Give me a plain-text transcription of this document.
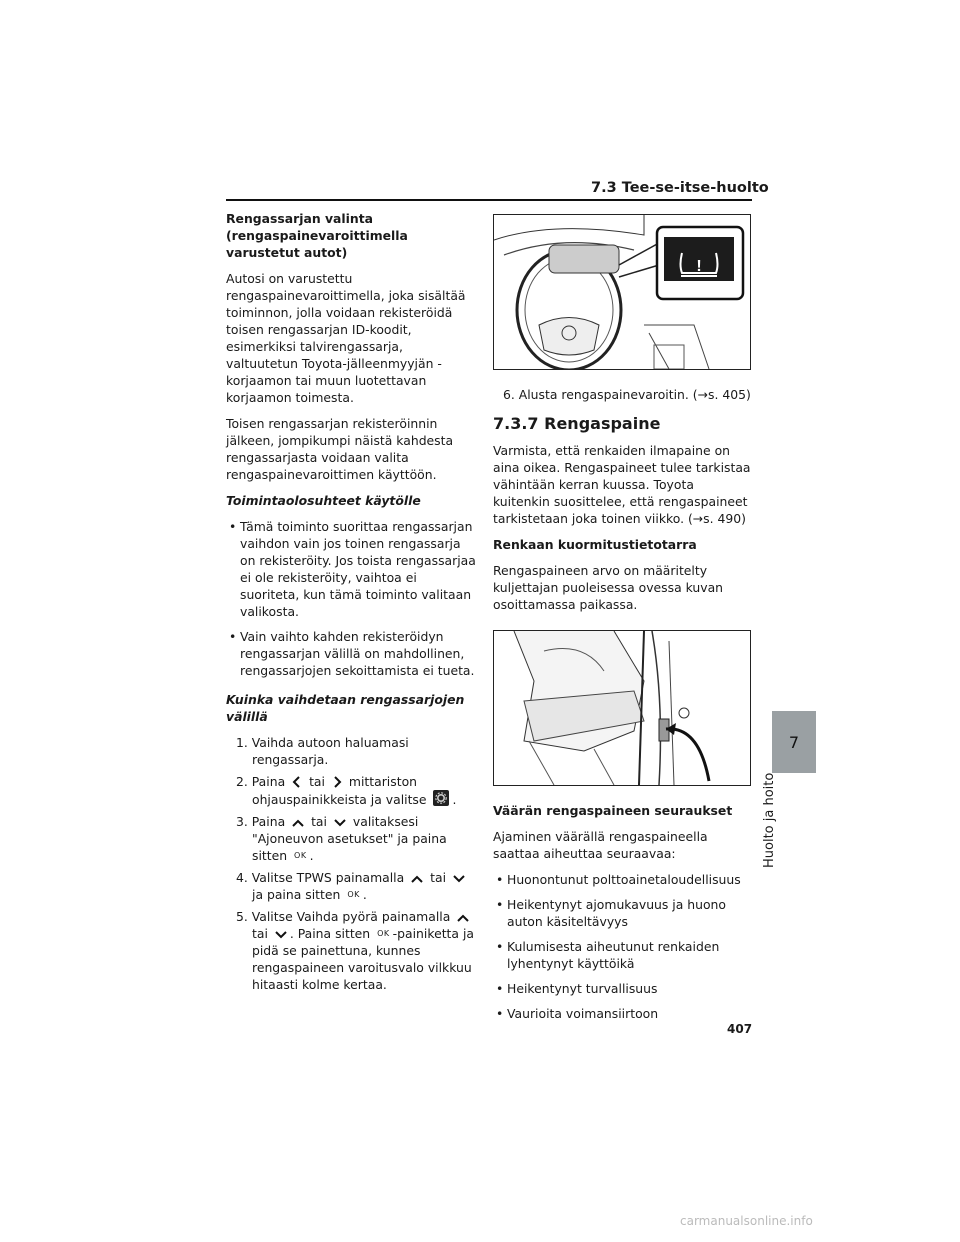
7.3 Tee-se-itse-huolto
7
Huolto ja hoito

Rengassarjan valinta (rengaspainevaroittimella varustetut autot)

Autosi on varustettu rengaspainevaroittimella, joka sisältää toiminnon, jolla voidaan rekisteröidä toisen rengassarjan ID-koodit, esimerkiksi talvirengassarja, valtuutetun Toyota-jälleenmyyjän -korjaamon tai muun luotettavan korjaamon toimesta.

Toisen rengassarjan rekisteröinnin jälkeen, jompikumpi näistä kahdesta rengassarjasta voidaan valita rengaspainevaroittimen käyttöön.

Toimintaolosuhteet käytölle

• Tämä toiminto suorittaa rengassarjan vaihdon vain jos toinen rengassarja on rekisteröity. Jos toista rengassarjaa ei ole rekisteröity, vaihtoa ei suoriteta, kun tämä toiminto valitaan valikosta.
• Vain vaihto kahden rekisteröidyn rengassarjan välillä on mahdollinen, rengassarjojen sekoittamista ei tueta.

Kuinka vaihdetaan rengassarjojen välillä

1. Vaihda autoon haluamasi rengassarja.
2. Paina tai mittariston ohjauspainikkeista ja valitse .
3. Paina tai valitaksesi "Ajoneuvon asetukset" ja paina sitten OK .
4. Valitse TPWS painamalla tai  ja paina sitten OK .
5. Valitse Vaihda pyörä painamalla  tai . Paina sitten OK -painiketta ja pidä se painettuna, kunnes rengaspaineen varoitusvalo vilkkuu hitaasti kolme kertaa.
!
6. Alusta rengaspainevaroitin. (→s. 405)
7.3.7 Rengaspaine

Varmista, että renkaiden ilmapaine on aina oikea. Rengaspaineet tulee tarkistaa vähintään kerran kuussa. Toyota kuitenkin suosittelee, että rengaspaineet tarkistetaan joka toinen viikko. (→s. 490)

Renkaan kuormitustietotarra

Rengaspaineen arvo on määritelty kuljettajan puoleisessa ovessa kuvan osoittamassa paikassa.

Väärän rengaspaineen seuraukset

Ajaminen väärällä rengaspaineella saattaa aiheuttaa seuraavaa:

• Huonontunut polttoainetaloudellisuus
• Heikentynyt ajomukavuus ja huono auton käsiteltävyys
• Kulumisesta aiheutunut renkaiden lyhentynyt käyttöikä
• Heikentynyt turvallisuus
• Vaurioita voimansiirtoon
407
carmanualsonline.info
